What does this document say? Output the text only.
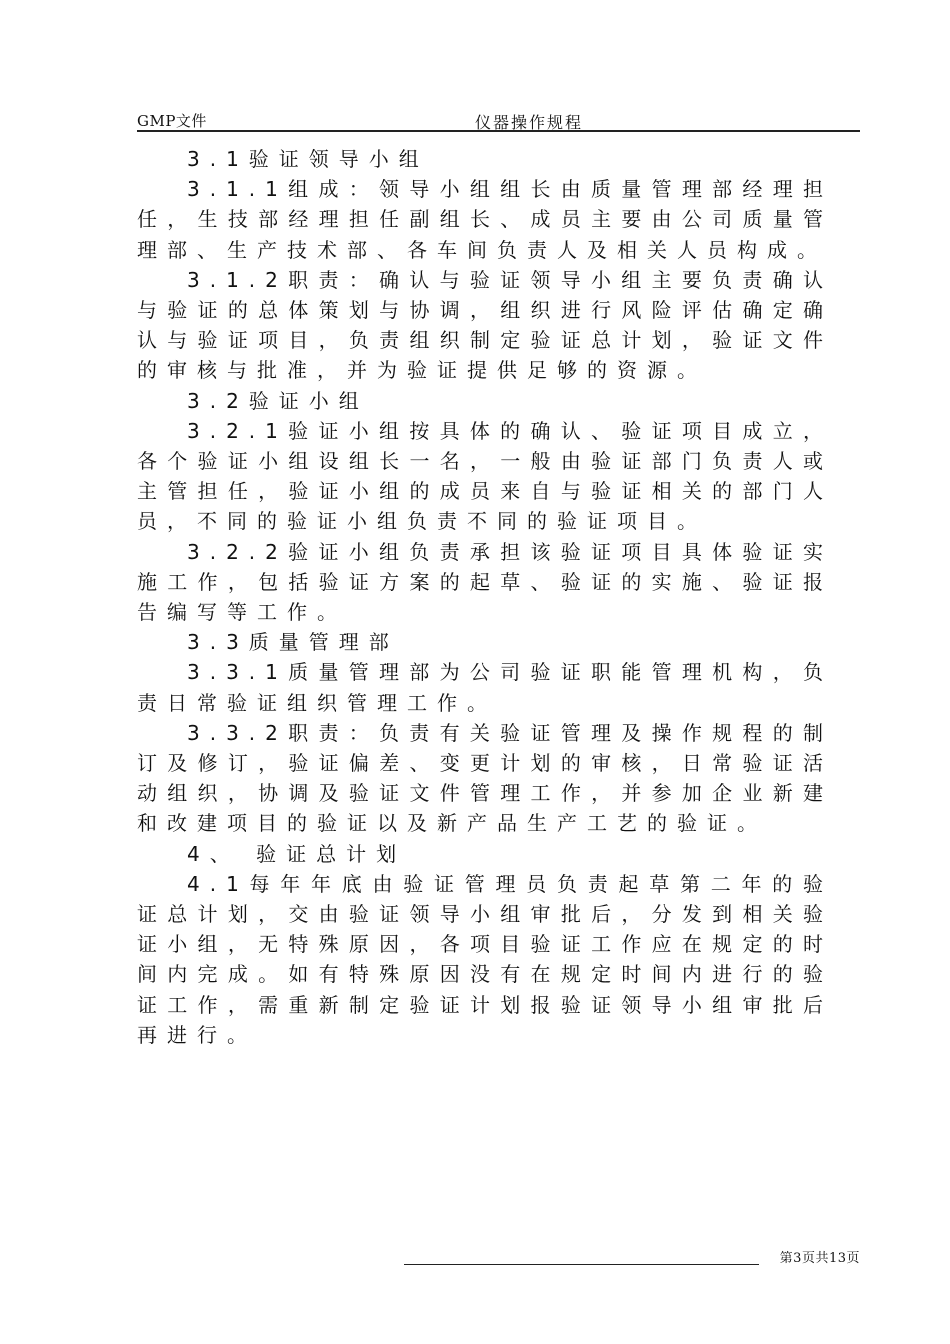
GMP文件	仪器操作规程

3.1验证领导小组

3.1.1组成：领导小组组长由质量管理部经理担任，生技部经理担任副组长、成员主要由公司质量管理部、生产技术部、各车间负责人及相关人员构成。

3.1.2职责：确认与验证领导小组主要负责确认与验证的总体策划与协调，组织进行风险评估确定确认与验证项目，负责组织制定验证总计划，验证文件的审核与批准，并为验证提供足够的资源。

3.2验证小组

3.2.1验证小组按具体的确认、验证项目成立，各个验证小组设组长一名，一般由验证部门负责人或主管担任，验证小组的成员来自与验证相关的部门人员，不同的验证小组负责不同的验证项目。

3.2.2验证小组负责承担该验证项目具体验证实施工作，包括验证方案的起草、验证的实施、验证报告编写等工作。

3.3质量管理部

3.3.1质量管理部为公司验证职能管理机构，负责日常验证组织管理工作。

3.3.2职责：负责有关验证管理及操作规程的制订及修订，验证偏差、变更计划的审核，日常验证活动组织，协调及验证文件管理工作，并参加企业新建和改建项目的验证以及新产品生产工艺的验证。

4、 验证总计划

4.1每年年底由验证管理员负责起草第二年的验证总计划，交由验证领导小组审批后，分发到相关验证小组，无特殊原因，各项目验证工作应在规定的时间内完成。如有特殊原因没有在规定时间内进行的验证工作，需重新制定验证计划报验证领导小组审批后再进行。

第3页共13页
